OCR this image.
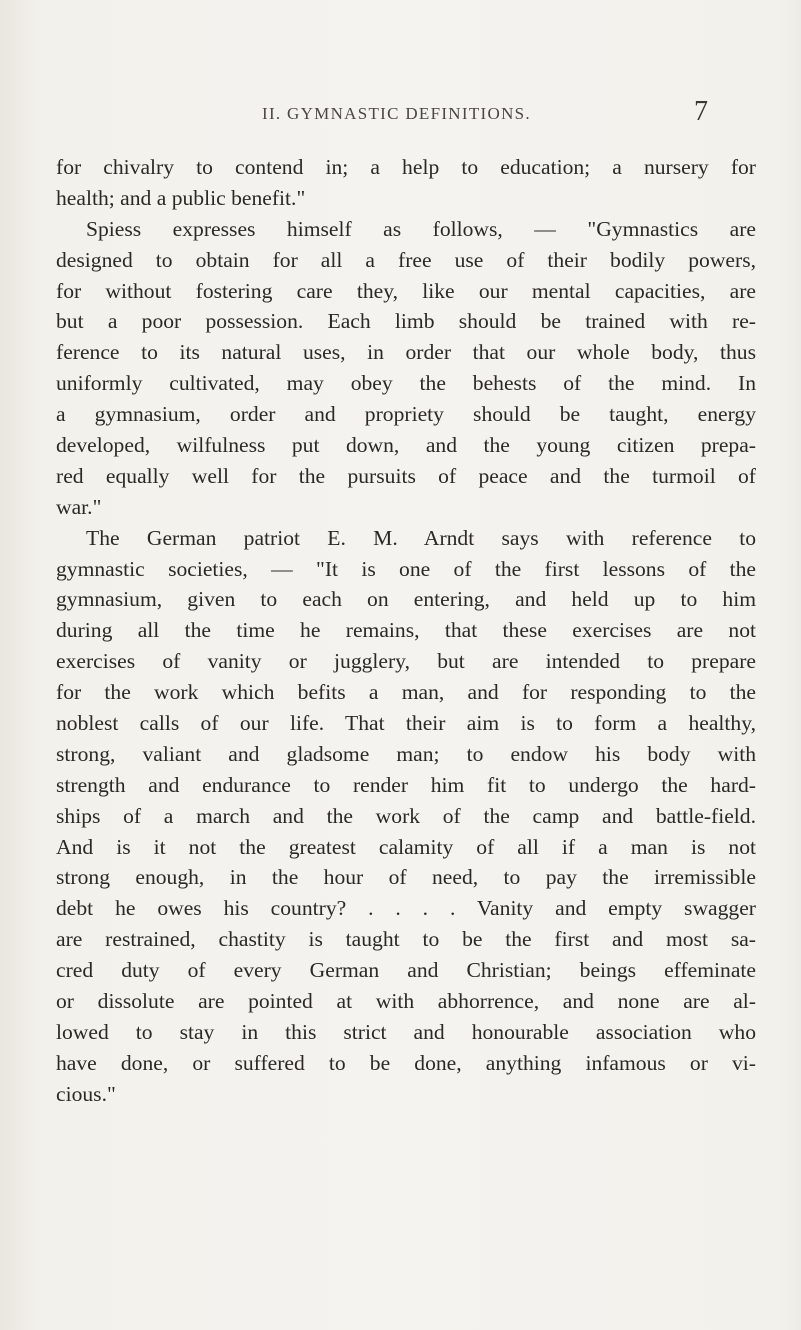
II. GYMNASTIC DEFINITIONS.	7
for chivalry to contend in; a help to education; a nursery for
health; and a public benefit."
Spiess expresses himself as follows, — "Gymnastics are
designed to obtain for all a free use of their bodily powers,
for without fostering care they, like our mental capacities, are
but a poor possession. Each limb should be trained with re-
ference to its natural uses, in order that our whole body, thus
uniformly cultivated, may obey the behests of the mind. In
a gymnasium, order and propriety should be taught, energy
developed, wilfulness put down, and the young citizen prepa-
red equally well for the pursuits of peace and the turmoil of
war."
The German patriot E. M. Arndt says with reference to
gymnastic societies, — "It is one of the first lessons of the
gymnasium, given to each on entering, and held up to him
during all the time he remains, that these exercises are not
exercises of vanity or jugglery, but are intended to prepare
for the work which befits a man, and for responding to the
noblest calls of our life. That their aim is to form a healthy,
strong, valiant and gladsome man; to endow his body with
strength and endurance to render him fit to undergo the hard-
ships of a march and the work of the camp and battle-field.
And is it not the greatest calamity of all if a man is not
strong enough, in the hour of need, to pay the irremissible
debt he owes his country? . . . . Vanity and empty swagger
are restrained, chastity is taught to be the first and most sa-
cred duty of every German and Christian; beings effeminate
or dissolute are pointed at with abhorrence, and none are al-
lowed to stay in this strict and honourable association who
have done, or suffered to be done, anything infamous or vi-
cious."
